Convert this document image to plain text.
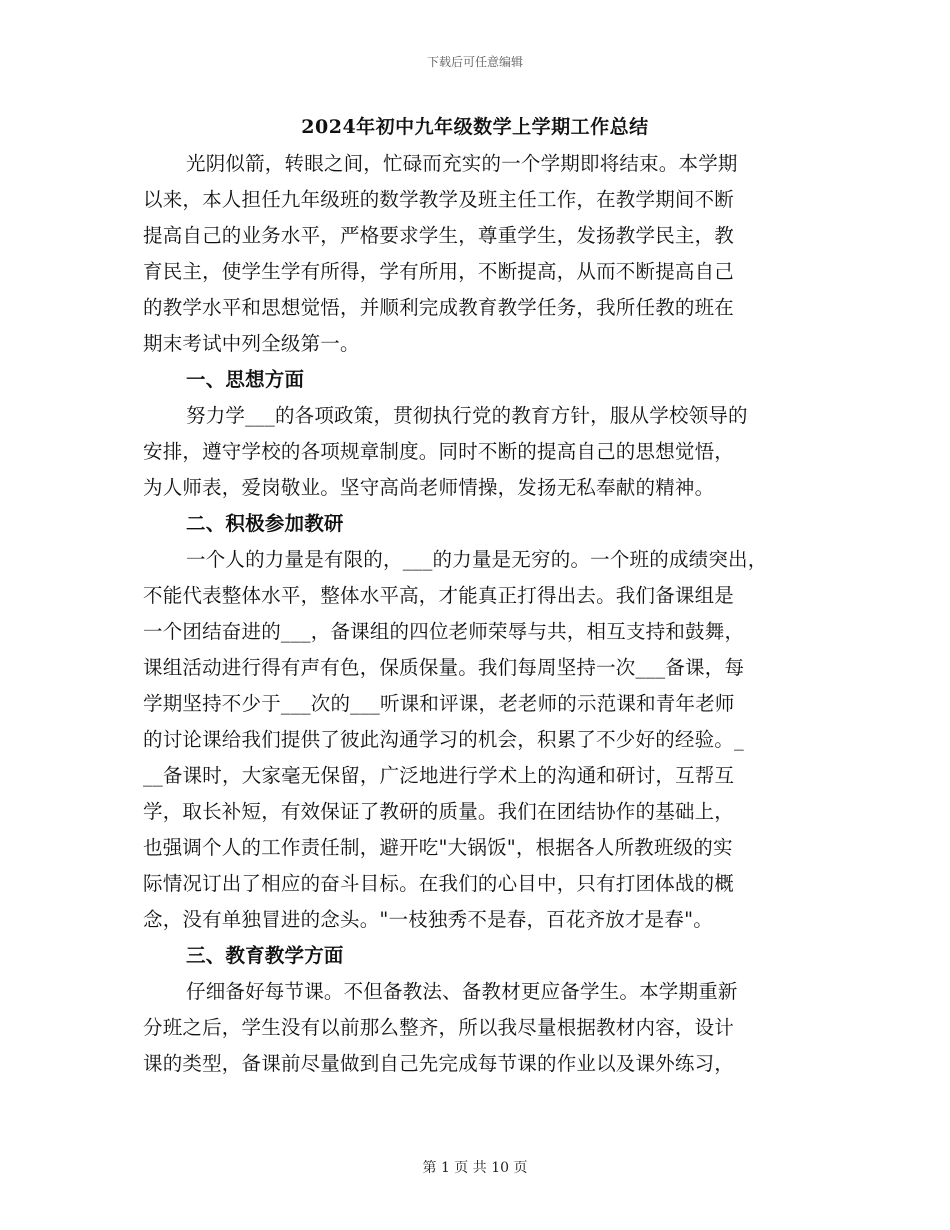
下载后可任意编辑
2024年初中九年级数学上学期工作总结
光阴似箭，转眼之间，忙碌而充实的一个学期即将结束。本学期
以来，本人担任九年级班的数学教学及班主任工作，在教学期间不断
提高自己的业务水平，严格要求学生，尊重学生，发扬教学民主，教
育民主，使学生学有所得，学有所用，不断提高，从而不断提高自己
的教学水平和思想觉悟，并顺利完成教育教学任务，我所任教的班在
期末考试中列全级第一。
一、思想方面
努力学___的各项政策，贯彻执行党的教育方针，服从学校领导的
安排，遵守学校的各项规章制度。同时不断的提高自己的思想觉悟，
为人师表，爱岗敬业。坚守高尚老师情操，发扬无私奉献的精神。
二、积极参加教研
一个人的力量是有限的，___的力量是无穷的。一个班的成绩突出，
不能代表整体水平，整体水平高，才能真正打得出去。我们备课组是
一个团结奋进的___，备课组的四位老师荣辱与共，相互支持和鼓舞，
课组活动进行得有声有色，保质保量。我们每周坚持一次___备课，每
学期坚持不少于___次的___听课和评课，老老师的示范课和青年老师
的讨论课给我们提供了彼此沟通学习的机会，积累了不少好的经验。_
__备课时，大家毫无保留，广泛地进行学术上的沟通和研讨，互帮互
学，取长补短，有效保证了教研的质量。我们在团结协作的基础上，
也强调个人的工作责任制，避开吃"大锅饭"，根据各人所教班级的实
际情况订出了相应的奋斗目标。在我们的心目中，只有打团体战的概
念，没有单独冒进的念头。"一枝独秀不是春，百花齐放才是春"。
三、教育教学方面
仔细备好每节课。不但备教法、备教材更应备学生。本学期重新
分班之后，学生没有以前那么整齐，所以我尽量根据教材内容，设计
课的类型，备课前尽量做到自己先完成每节课的作业以及课外练习，
第 1 页 共 10 页
